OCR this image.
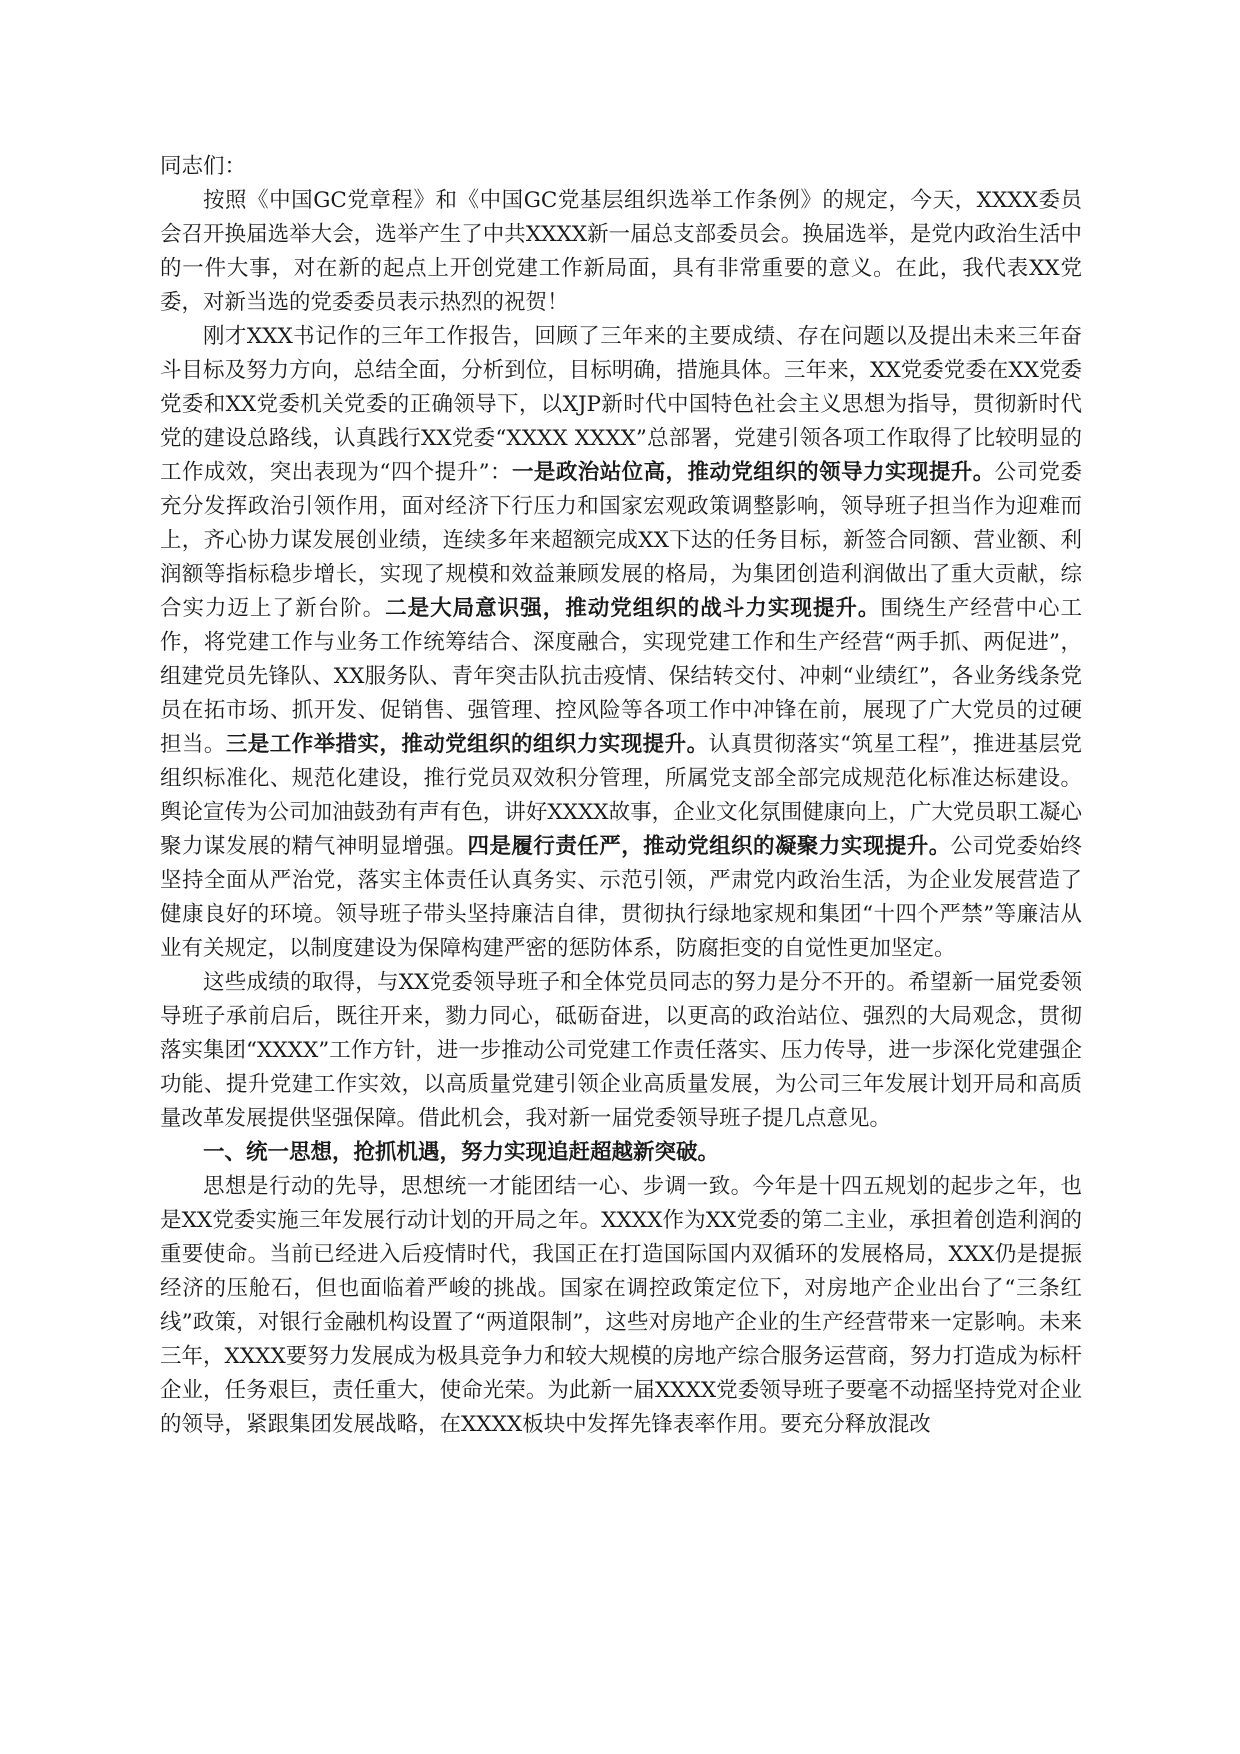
同志们：

按照《中国GC党章程》和《中国GC党基层组织选举工作条例》的规定，今天，XXXX委员会召开换届选举大会，选举产生了中共XXXX新一届总支部委员会。换届选举，是党内政治生活中的一件大事，对在新的起点上开创党建工作新局面，具有非常重要的意义。在此，我代表XX党委，对新当选的党委委员表示热烈的祝贺！

刚才XXX书记作的三年工作报告，回顾了三年来的主要成绩、存在问题以及提出未来三年奋斗目标及努力方向，总结全面，分析到位，目标明确，措施具体。三年来，XX党委党委在XX党委党委和XX党委机关党委的正确领导下，以XJP新时代中国特色社会主义思想为指导，贯彻新时代党的建设总路线，认真践行XX党委“XXXX XXXX”总部署，党建引领各项工作取得了比较明显的工作成效，突出表现为“四个提升”：一是政治站位高，推动党组织的领导力实现提升。公司党委充分发挥政治引领作用，面对经济下行压力和国家宏观政策调整影响，领导班子担当作为迎难而上，齐心协力谋发展创业绩，连续多年来超额完成XX下达的任务目标，新签合同额、营业额、利润额等指标稳步增长，实现了规模和效益兼顾发展的格局，为集团创造利润做出了重大贡献，综合实力迈上了新台阶。二是大局意识强，推动党组织的战斗力实现提升。围绕生产经营中心工作，将党建工作与业务工作统筹结合、深度融合，实现党建工作和生产经营“两手抓、两促进”，组建党员先锋队、XX服务队、青年突击队抗击疫情、保结转交付、冲刺“业绩红”，各业务线条党员在拓市场、抓开发、促销售、强管理、控风险等各项工作中冲锋在前，展现了广大党员的过硬担当。三是工作举措实，推动党组织的组织力实现提升。认真贯彻落实“筑星工程”，推进基层党组织标准化、规范化建设，推行党员双效积分管理，所属党支部全部完成规范化标准达标建设。舆论宣传为公司加油鼓劲有声有色，讲好XXXX故事，企业文化氛围健康向上，广大党员职工凝心聚力谋发展的精气神明显增强。四是履行责任严，推动党组织的凝聚力实现提升。公司党委始终坚持全面从严治党，落实主体责任认真务实、示范引领，严肃党内政治生活，为企业发展营造了健康良好的环境。领导班子带头坚持廉洁自律，贯彻执行绿地家规和集团“十四个严禁”等廉洁从业有关规定，以制度建设为保障构建严密的惩防体系，防腐拒变的自觉性更加坚定。

这些成绩的取得，与XX党委领导班子和全体党员同志的努力是分不开的。希望新一届党委领导班子承前启后，既往开来，勠力同心，砥砺奋进，以更高的政治站位、强烈的大局观念，贯彻落实集团“XXXX”工作方针，进一步推动公司党建工作责任落实、压力传导，进一步深化党建强企功能、提升党建工作实效，以高质量党建引领企业高质量发展，为公司三年发展计划开局和高质量改革发展提供坚强保障。借此机会，我对新一届党委领导班子提几点意见。

一、统一思想，抢抓机遇，努力实现追赶超越新突破。

思想是行动的先导，思想统一才能团结一心、步调一致。今年是十四五规划的起步之年，也是XX党委实施三年发展行动计划的开局之年。XXXX作为XX党委的第二主业，承担着创造利润的重要使命。当前已经进入后疫情时代，我国正在打造国际国内双循环的发展格局，XXX仍是提振经济的压舱石，但也面临着严峻的挑战。国家在调控政策定位下，对房地产企业出台了“三条红线”政策，对银行金融机构设置了“两道限制”，这些对房地产企业的生产经营带来一定影响。未来三年，XXXX要努力发展成为极具竞争力和较大规模的房地产综合服务运营商，努力打造成为标杆企业，任务艰巨，责任重大，使命光荣。为此新一届XXXX党委领导班子要毫不动摇坚持党对企业的领导，紧跟集团发展战略，在XXXX板块中发挥先锋表率作用。要充分释放混改
